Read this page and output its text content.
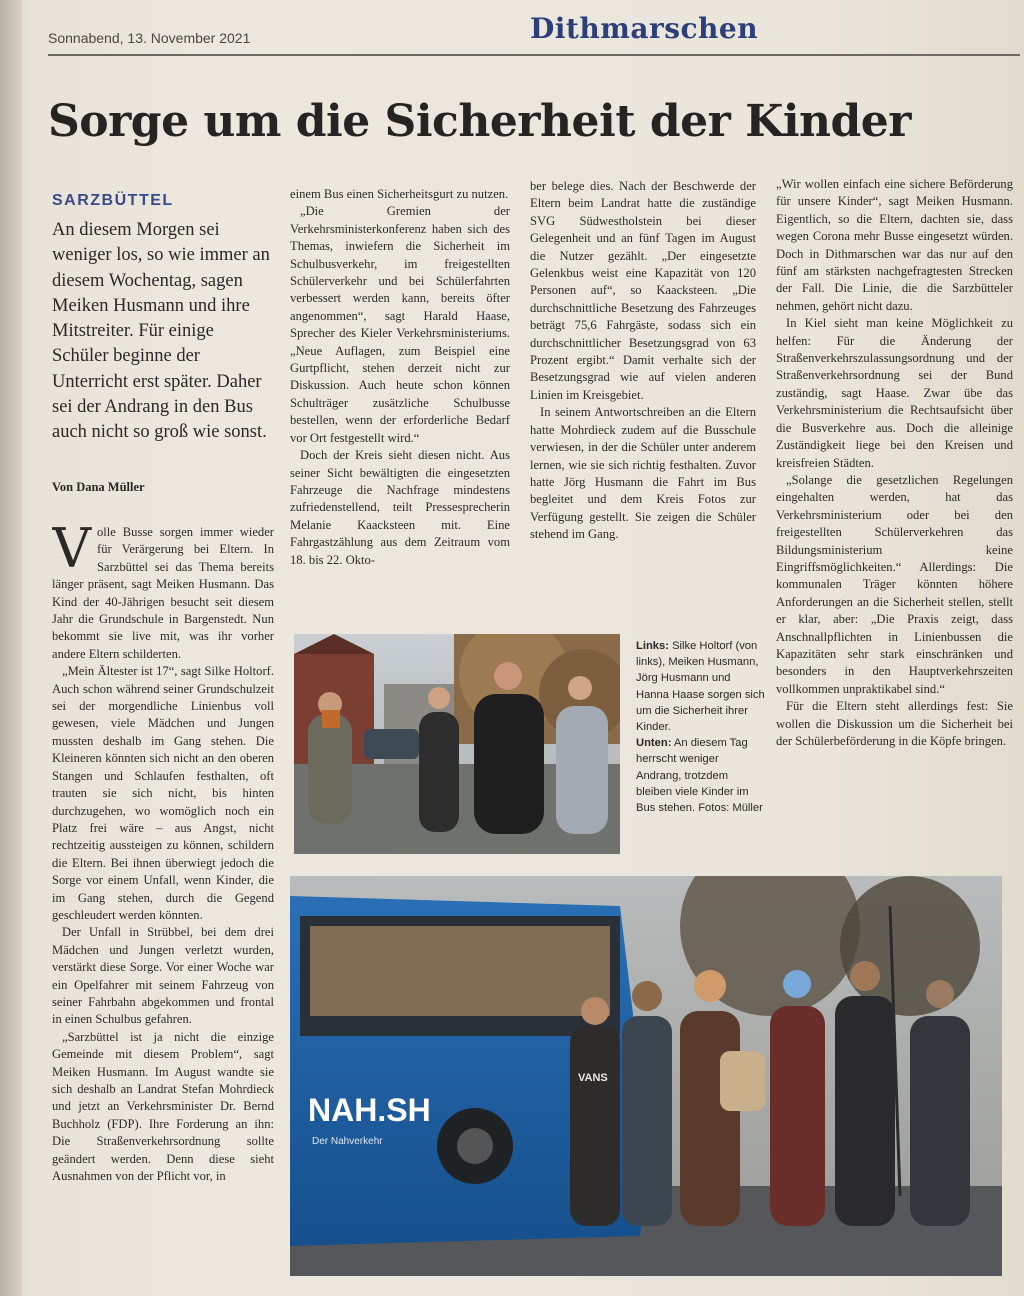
Sonnabend, 13. November 2021	Dithmarschen
Sorge um die Sicherheit der Kinder
SARZBÜTTEL
An diesem Morgen sei weniger los, so wie immer an diesem Wochentag, sagen Meiken Husmann und ihre Mitstreiter. Für einige Schüler beginne der Unterricht erst später. Daher sei der Andrang in den Bus auch nicht so groß wie sonst.
Von Dana Müller
V olle Busse sorgen immer wieder für Verärgerung bei Eltern. In Sarzbüttel sei das Thema bereits länger präsent, sagt Meiken Husmann. Das Kind der 40-Jährigen besucht seit diesem Jahr die Grundschule in Bargenstedt. Nun bekommt sie live mit, was ihr vorher andere Eltern schilderten.

„Mein Ältester ist 17“, sagt Silke Holtorf. Auch schon während seiner Grundschulzeit sei der morgendliche Linienbus voll gewesen, viele Mädchen und Jungen mussten deshalb im Gang stehen. Die Kleineren könnten sich nicht an den oberen Stangen und Schlaufen festhalten, oft trauten sie sich nicht, bis hinten durchzugehen, wo womöglich noch ein Platz frei wäre – aus Angst, nicht rechtzeitig aussteigen zu können, schildern die Eltern. Bei ihnen überwiegt jedoch die Sorge vor einem Unfall, wenn Kinder, die im Gang stehen, durch die Gegend geschleudert werden könnten.

Der Unfall in Strübbel, bei dem drei Mädchen und Jungen verletzt wurden, verstärkt diese Sorge. Vor einer Woche war ein Opelfahrer mit seinem Fahrzeug von seiner Fahrbahn abgekommen und frontal in einen Schulbus gefahren.

„Sarzbüttel ist ja nicht die einzige Gemeinde mit diesem Problem“, sagt Meiken Husmann. Im August wandte sie sich deshalb an Landrat Stefan Mohrdieck und jetzt an Verkehrsminister Dr. Bernd Buchholz (FDP). Ihre Forderung an ihn: Die Straßenverkehrsordnung sollte geändert werden. Denn diese sieht Ausnahmen von der Pflicht vor, in

einem Bus einen Sicherheitsgurt zu nutzen.

„Die Gremien der Verkehrsministerkonferenz haben sich des Themas, inwiefern die Sicherheit im Schulbusverkehr, im freigestellten Schülerverkehr und bei Schülerfahrten verbessert werden kann, bereits öfter angenommen“, sagt Harald Haase, Sprecher des Kieler Verkehrsministeriums. „Neue Auflagen, zum Beispiel eine Gurtpflicht, stehen derzeit nicht zur Diskussion. Auch heute schon können Schulträger zusätzliche Schulbusse bestellen, wenn der erforderliche Bedarf vor Ort festgestellt wird.“

Doch der Kreis sieht diesen nicht. Aus seiner Sicht bewältigten die eingesetzten Fahrzeuge die Nachfrage mindestens zufriedenstellend, teilt Pressesprecherin Melanie Kaacksteen mit. Eine Fahrgastzählung aus dem Zeitraum vom 18. bis 22. Okto-

ber belege dies. Nach der Beschwerde der Eltern beim Landrat hatte die zuständige SVG Südwestholstein bei dieser Gelegenheit und an fünf Tagen im August die Nutzer gezählt. „Der eingesetzte Gelenkbus weist eine Kapazität von 120 Personen auf“, so Kaacksteen. „Die durchschnittliche Besetzung des Fahrzeuges beträgt 75,6 Fahrgäste, sodass sich ein durchschnittlicher Besetzungsgrad von 63 Prozent ergibt.“ Damit verhalte sich der Besetzungsgrad wie auf vielen anderen Linien im Kreisgebiet.

In seinem Antwortschreiben an die Eltern hatte Mohrdieck zudem auf die Busschule verwiesen, in der die Schüler unter anderem lernen, wie sie sich richtig festhalten. Zuvor hatte Jörg Husmann die Fahrt im Bus begleitet und dem Kreis Fotos zur Verfügung gestellt. Sie zeigen die Schüler stehend im Gang.

„Wir wollen einfach eine sichere Beförderung für unsere Kinder“, sagt Meiken Husmann. Eigentlich, so die Eltern, dachten sie, dass wegen Corona mehr Busse eingesetzt würden. Doch in Dithmarschen war das nur auf den fünf am stärksten nachgefragtesten Strecken der Fall. Die Linie, die die Sarzbütteler nehmen, gehört nicht dazu.

In Kiel sieht man keine Möglichkeit zu helfen: Für die Änderung der Straßenverkehrszulassungsordnung und der Straßenverkehrsordnung sei der Bund zuständig, sagt Haase. Zwar übe das Verkehrsministerium die Rechtsaufsicht über die Busverkehre aus. Doch die alleinige Zuständigkeit liege bei den Kreisen und kreisfreien Städten.

„Solange die gesetzlichen Regelungen eingehalten werden, hat das Verkehrsministerium oder bei den freigestellten Schülerverkehren das Bildungsministerium keine Eingriffsmöglichkeiten.“ Allerdings: Die kommunalen Träger könnten höhere Anforderungen an die Sicherheit stellen, stellt er klar, aber: „Die Praxis zeigt, dass Anschnallpflichten in Linienbussen die Kapazitäten sehr stark einschränken und besonders in den Hauptverkehrszeiten vollkommen unpraktikabel sind.“

Für die Eltern steht allerdings fest: Sie wollen die Diskussion um die Sicherheit bei der Schülerbeförderung in die Köpfe bringen.

Links: Silke Holtorf (von links), Meiken Husmann, Jörg Husmann und Hanna Haase sorgen sich um die Sicherheit ihrer Kinder.
Unten: An diesem Tag herrscht weniger Andrang, trotzdem bleiben viele Kinder im Bus stehen. Fotos: Müller
NAH.SH
Der Nahverkehr
VANS
